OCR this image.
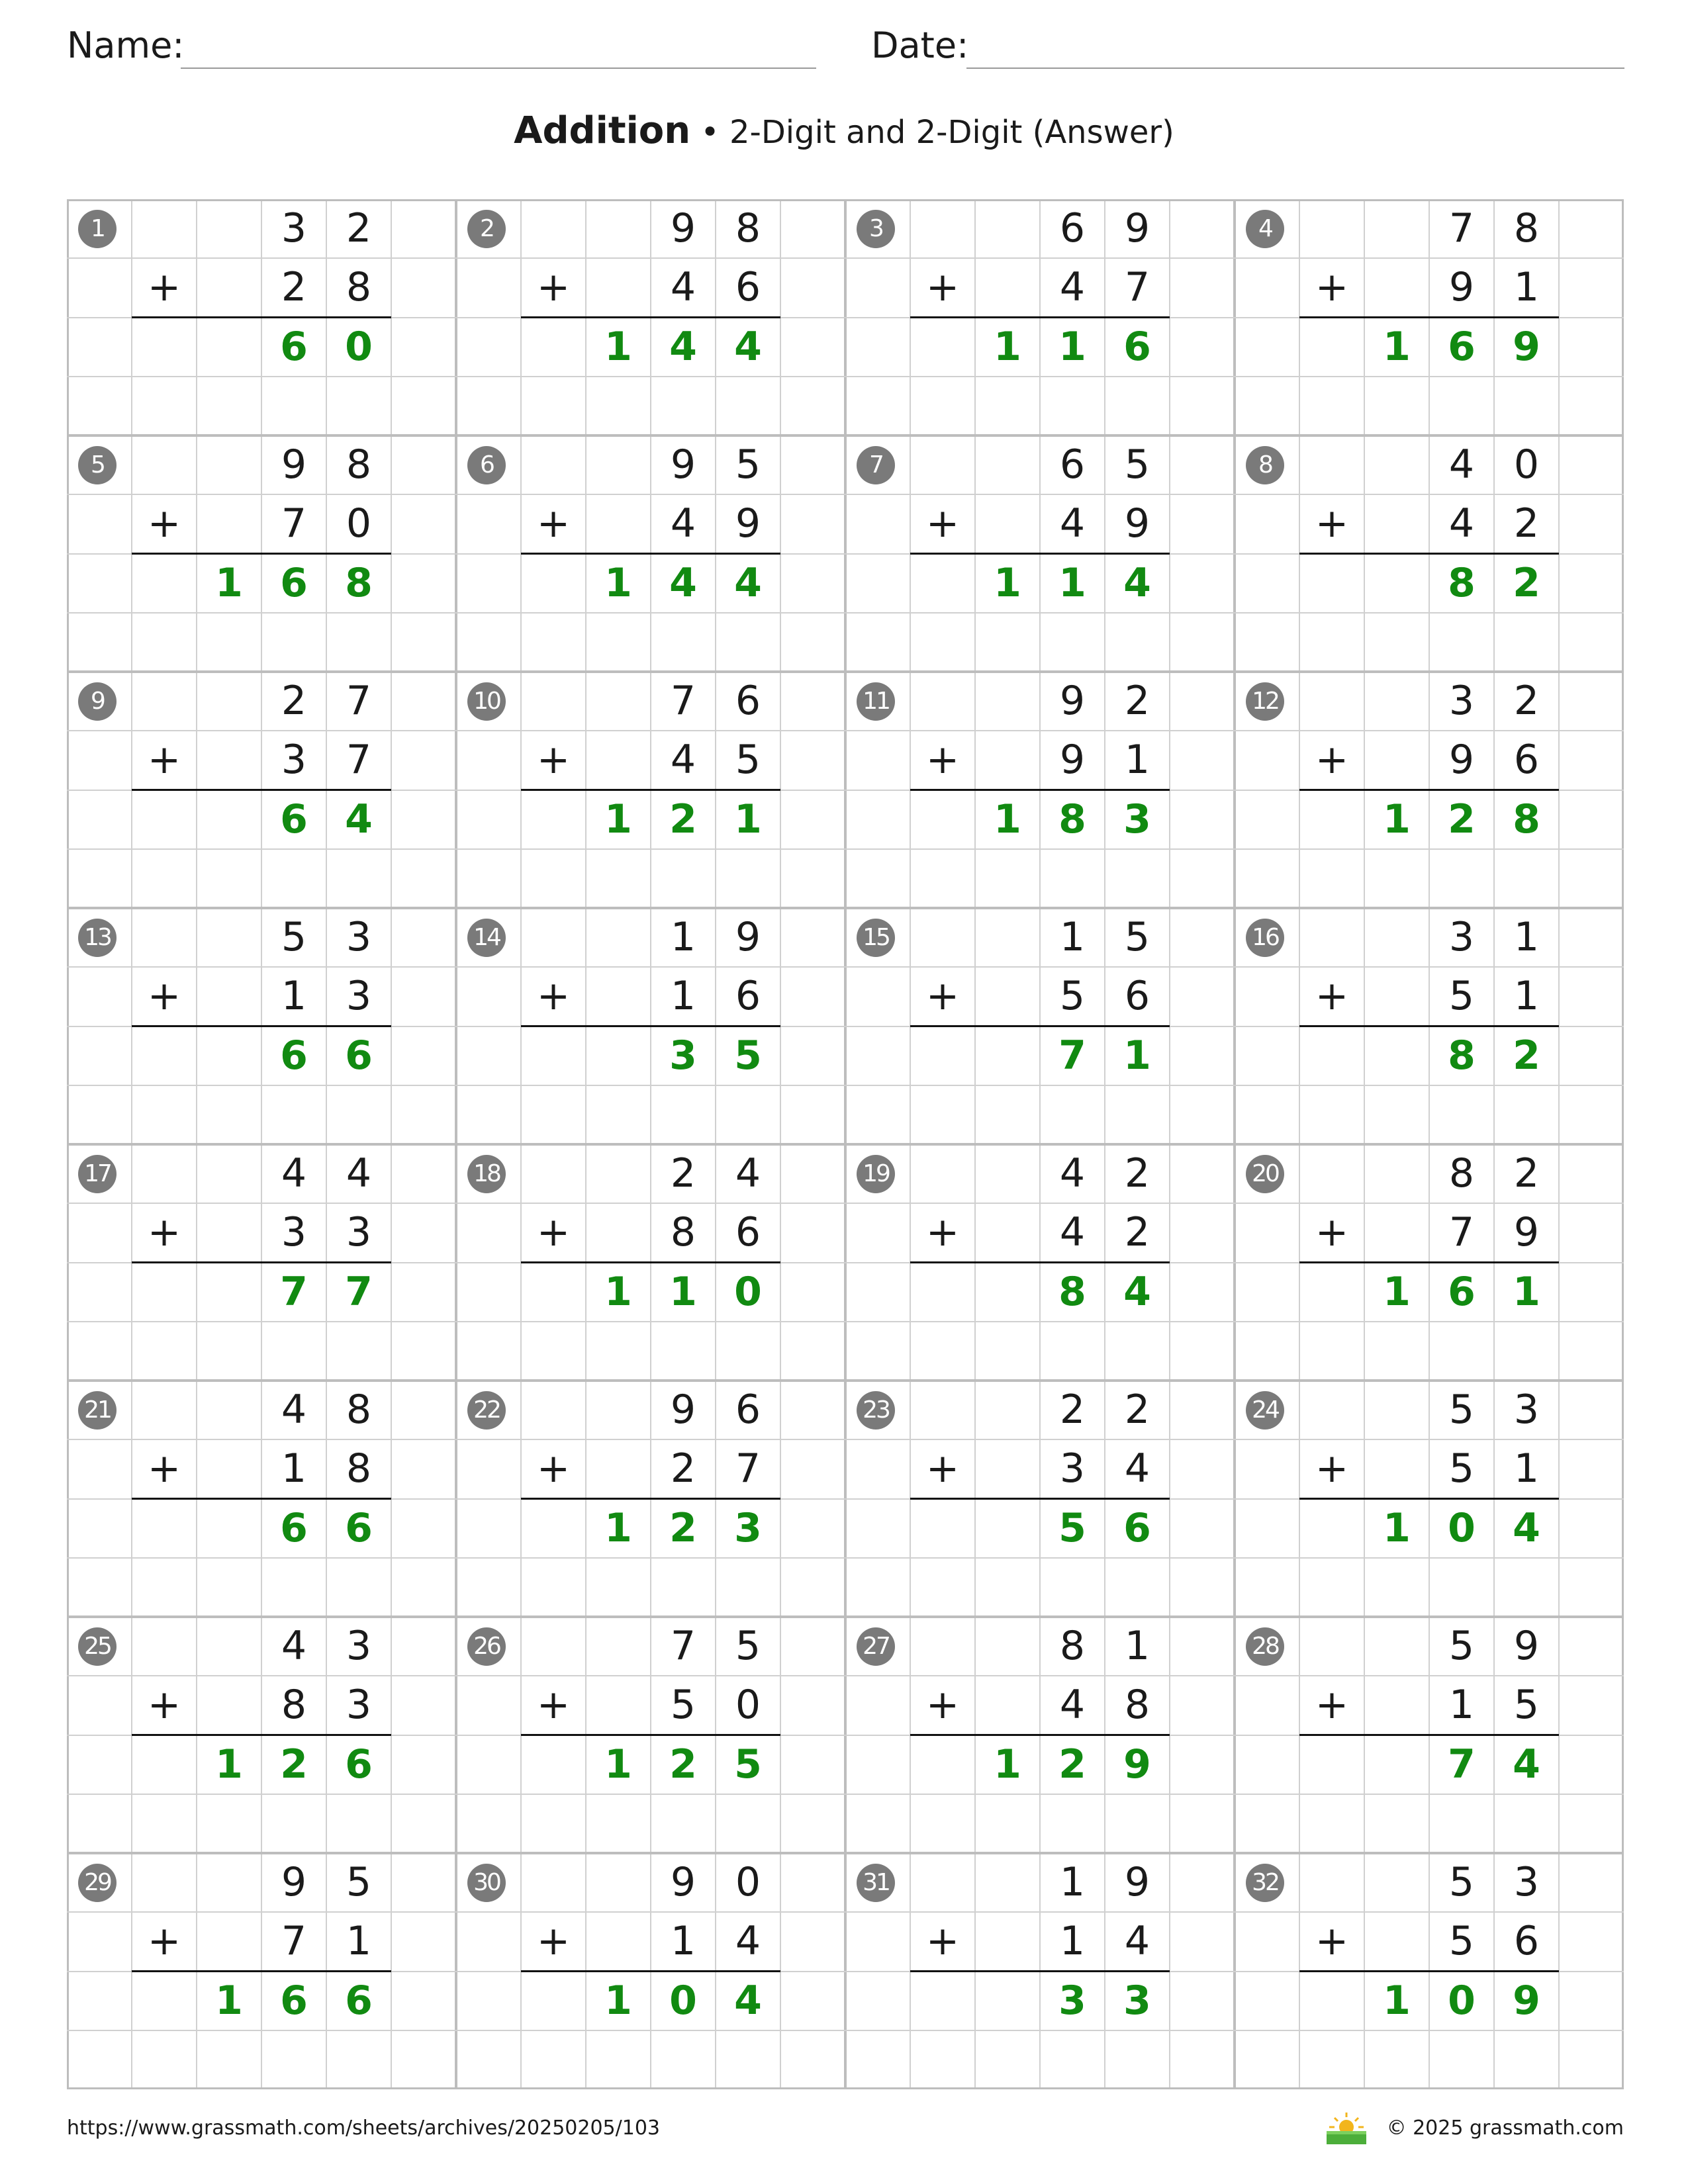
Name:	Date:
Addition • 2-Digit and 2-Digit (Answer)
1	3 2
+	2 8
6 0
2	9 8
+	4 6
1 4 4
3	6 9
+	4 7
1 1 6
4	7 8
+	9 1
1 6 9
5	9 8
+	7 0
1 6 8
6	9 5
+	4 9
1 4 4
7	6 5
+	4 9
1 1 4
8	4 0
+	4 2
8 2
9	2 7
+	3 7
6 4
10	7 6
+	4 5
1 2 1
11	9 2
+	9 1
1 8 3
12	3 2
+	9 6
1 2 8
13	5 3
+	1 3
6 6
14	1 9
+	1 6
3 5
15	1 5
+	5 6
7 1
16	3 1
+	5 1
8 2
17	4 4
+	3 3
7 7
18	2 4
+	8 6
1 1 0
19	4 2
+	4 2
8 4
20	8 2
+	7 9
1 6 1
21	4 8
+	1 8
6 6
22	9 6
+	2 7
1 2 3
23	2 2
+	3 4
5 6
24	5 3
+	5 1
1 0 4
25	4 3
+	8 3
1 2 6
26	7 5
+	5 0
1 2 5
27	8 1
+	4 8
1 2 9
28	5 9
+	1 5
7 4
29	9 5
+	7 1
1 6 6
30	9 0
+	1 4
1 0 4
31	1 9
+	1 4
3 3
32	5 3
+	5 6
1 0 9
https://www.grassmath.com/sheets/archives/20250205/103	© 2025 grassmath.com
